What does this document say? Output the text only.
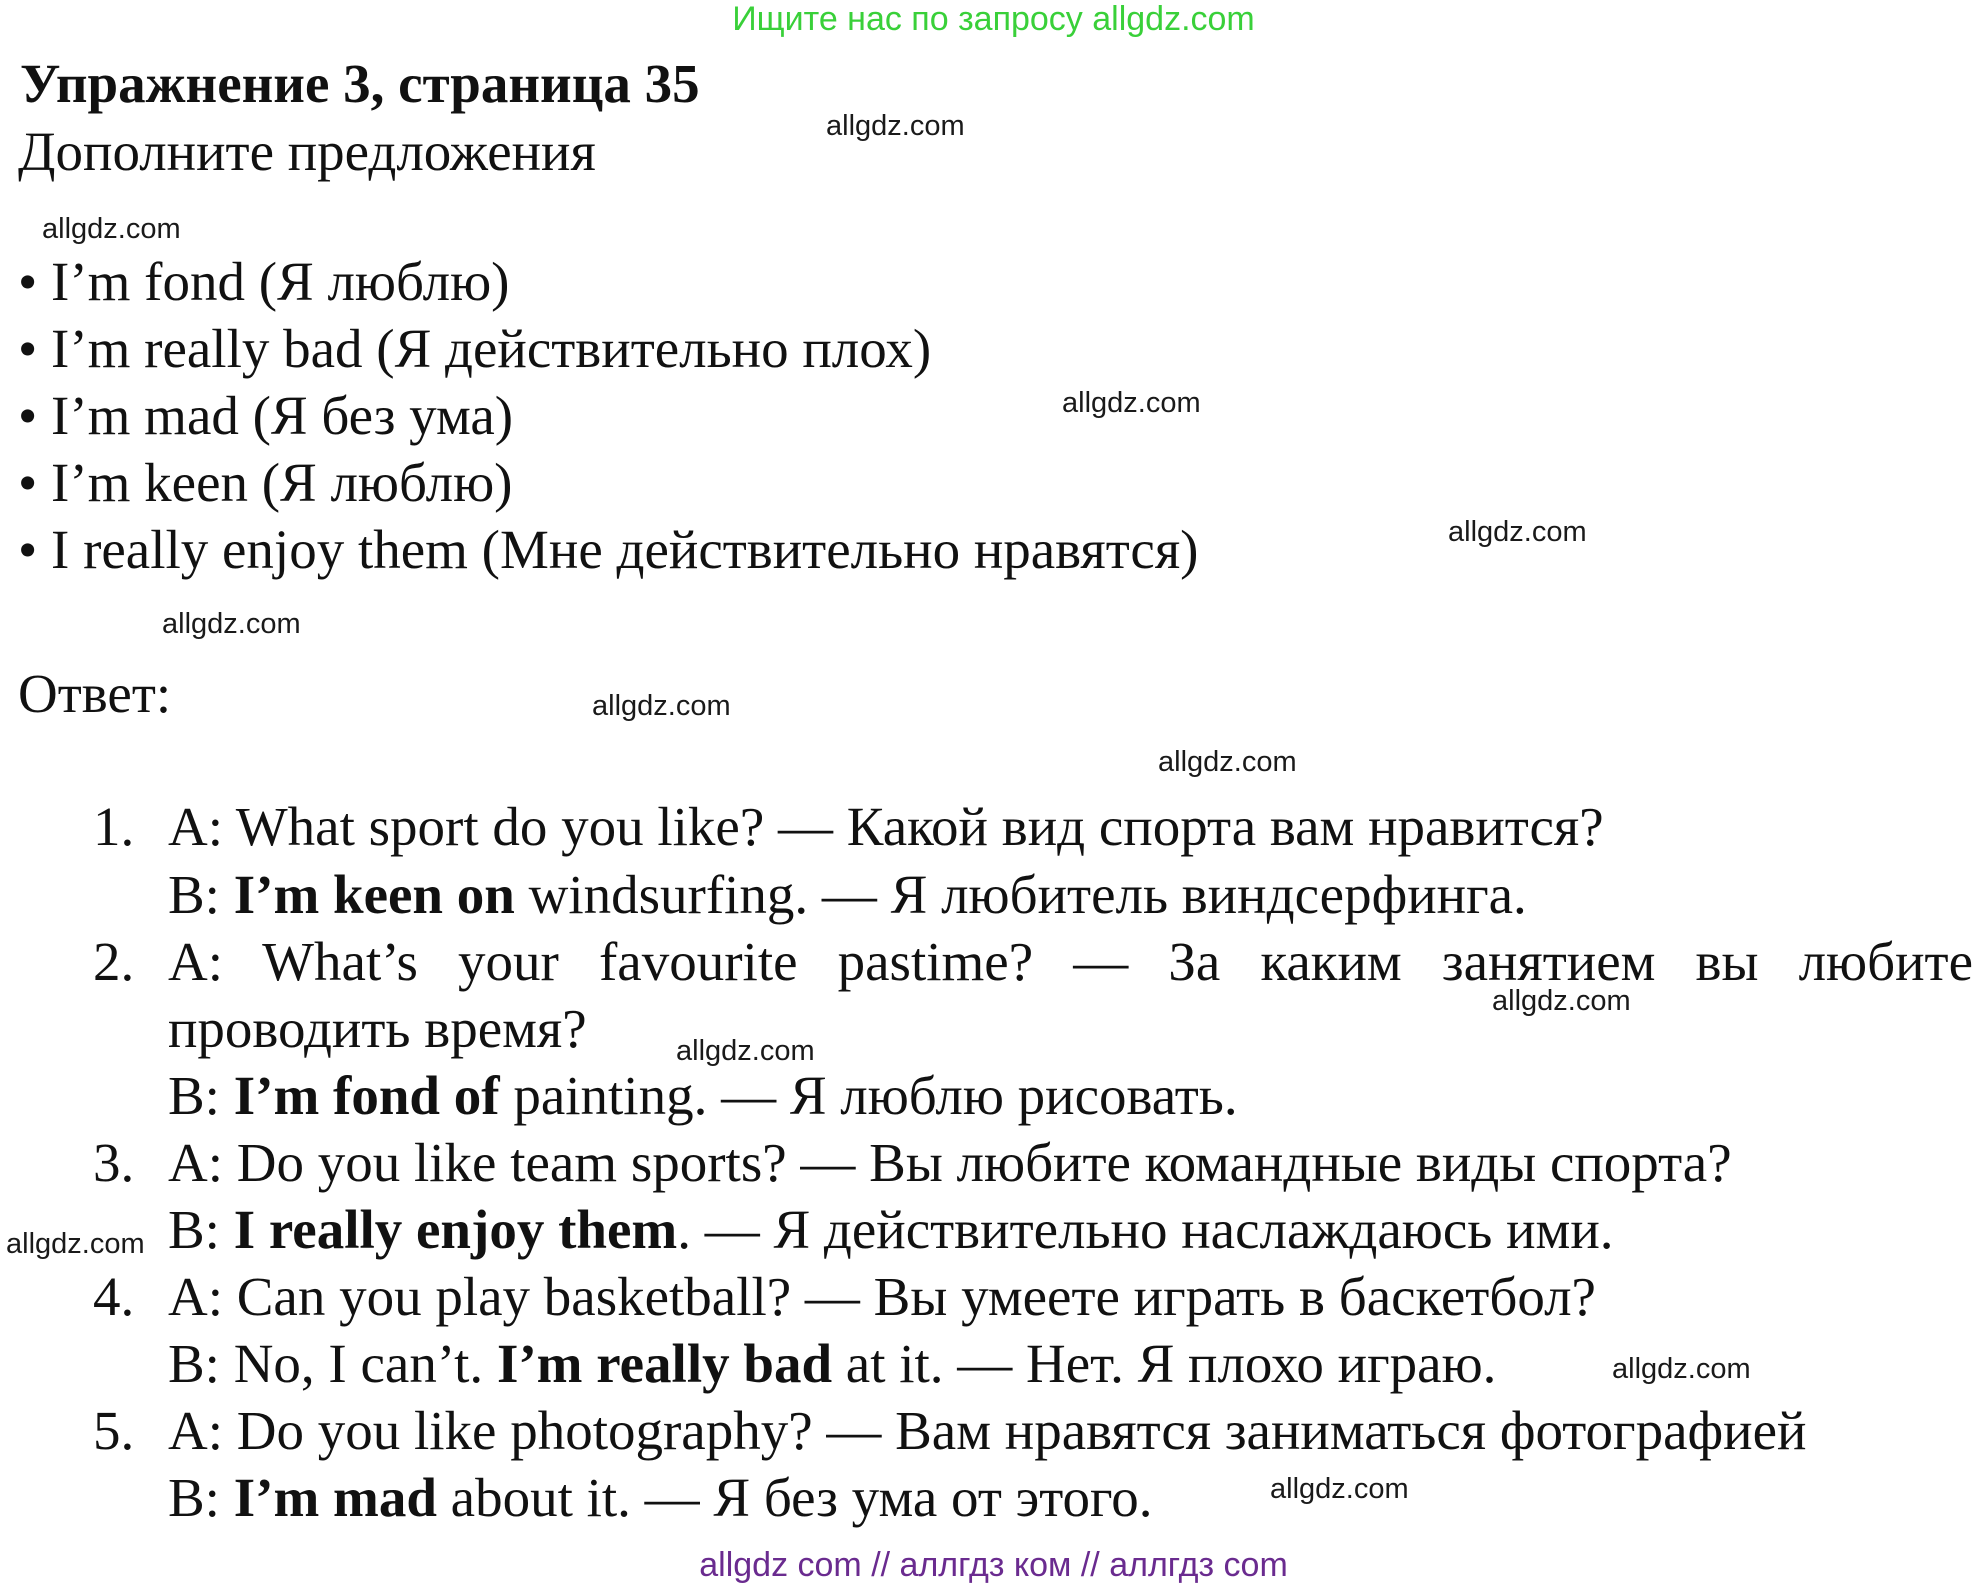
Ищите нас по запросу allgdz.com
Упражнение 3, страница 35
Дополните предложения
• I’m fond (Я люблю)
• I’m really bad (Я действительно плох)
• I’m mad (Я без ума)
• I’m keen (Я люблю)
• I really enjoy them (Мне действительно нравятся)
Ответ:
1. A: What sport do you like? — Какой вид спорта вам нравится?
B: I’m keen on windsurfing. — Я любитель виндсерфинга.
2. A: What’s your favourite pastime? — За каким занятием вы любите
проводить время?
B: I’m fond of painting. — Я люблю рисовать.
3. A: Do you like team sports? — Вы любите командные виды спорта?
B: I really enjoy them. — Я действительно наслаждаюсь ими.
4. A: Can you play basketball? — Вы умеете играть в баскетбол?
B: No, I can’t. I’m really bad at it. — Нет. Я плохо играю.
5. A: Do you like photography? — Вам нравятся заниматься фотографией
B: I’m mad about it. — Я без ума от этого.
allgdz.com
allgdz.com
allgdz.com
allgdz.com
allgdz.com
allgdz.com
allgdz.com
allgdz.com
allgdz.com
allgdz.com
allgdz.com
allgdz.com
allgdz com // аллгдз ком // аллгдз com
